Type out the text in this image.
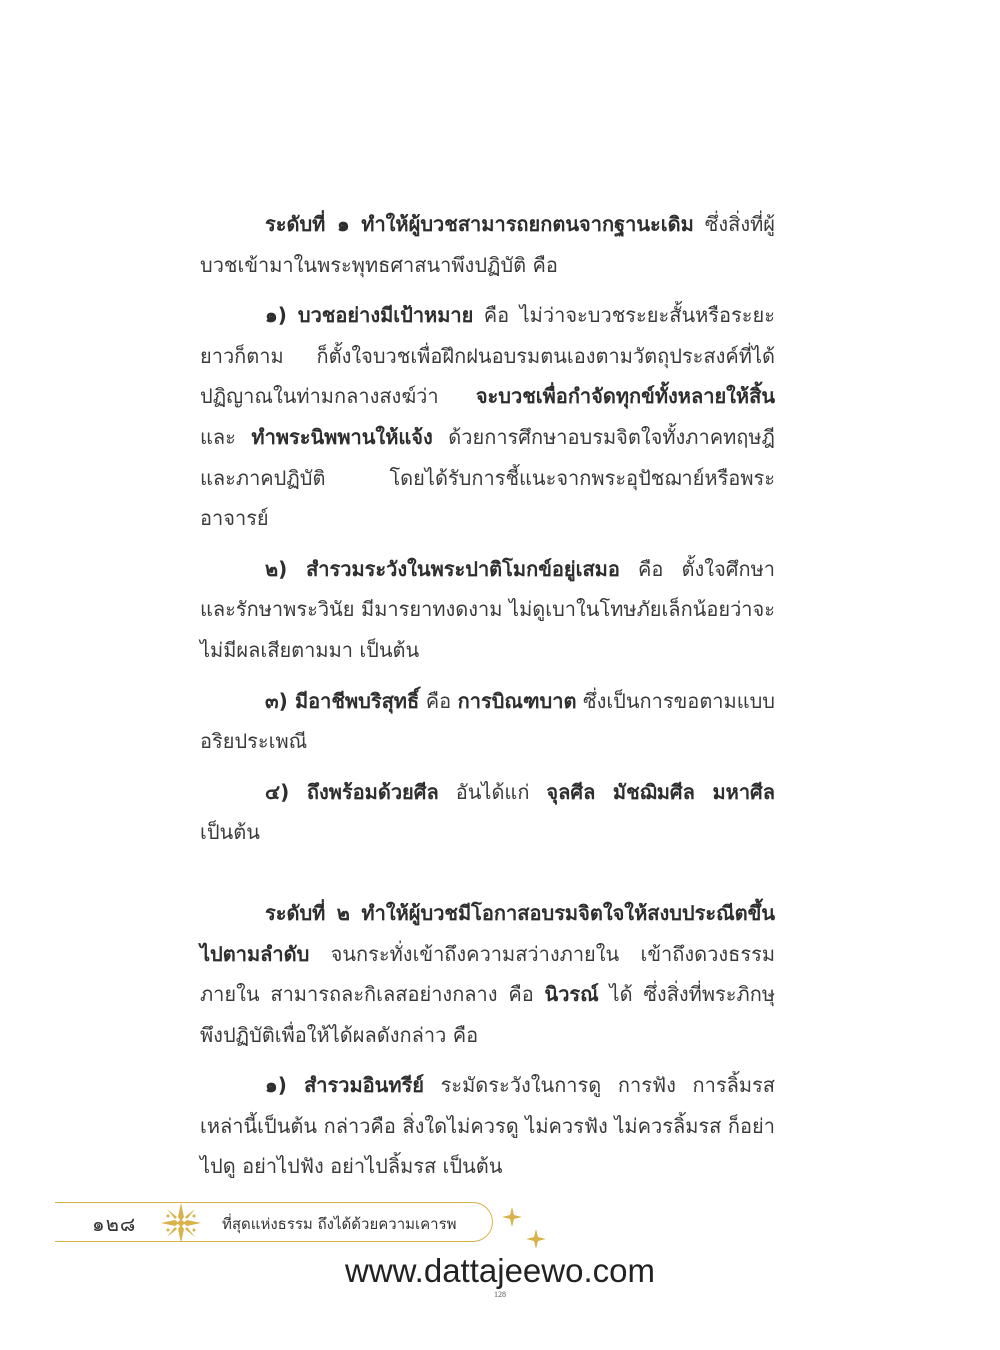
ระดับที่ ๑ ทำให้ผู้บวชสามารถยกตนจากฐานะเดิม ซึ่งสิ่งที่ผู้บวชเข้ามาในพระพุทธศาสนาพึงปฏิบัติ คือ

๑) บวชอย่างมีเป้าหมาย คือ ไม่ว่าจะบวชระยะสั้นหรือระยะยาวก็ตาม ก็ตั้งใจบวชเพื่อฝึกฝนอบรมตนเองตามวัตถุประสงค์ที่ได้ปฏิญาณในท่ามกลางสงฆ์ว่า จะบวชเพื่อกำจัดทุกข์ทั้งหลายให้สิ้น และ ทำพระนิพพานให้แจ้ง ด้วยการศึกษาอบรมจิตใจทั้งภาคทฤษฎีและภาคปฏิบัติ โดยได้รับการชี้แนะจากพระอุปัชฌาย์หรือพระอาจารย์

๒) สำรวมระวังในพระปาติโมกข์อยู่เสมอ คือ ตั้งใจศึกษาและรักษาพระวินัย มีมารยาทงดงาม ไม่ดูเบาในโทษภัยเล็กน้อยว่าจะไม่มีผลเสียตามมา เป็นต้น

๓) มีอาชีพบริสุทธิ์ คือ การบิณฑบาต ซึ่งเป็นการขอตามแบบอริยประเพณี

๔) ถึงพร้อมด้วยศีล อันได้แก่ จุลศีล มัชฌิมศีล มหาศีล เป็นต้น

ระดับที่ ๒ ทำให้ผู้บวชมีโอกาสอบรมจิตใจให้สงบประณีตขึ้นไปตามลำดับ จนกระทั่งเข้าถึงความสว่างภายใน เข้าถึงดวงธรรมภายใน สามารถละกิเลสอย่างกลาง คือ นิวรณ์ ได้ ซึ่งสิ่งที่พระภิกษุพึงปฏิบัติเพื่อให้ได้ผลดังกล่าว คือ

๑) สำรวมอินทรีย์ ระมัดระวังในการดู การฟัง การลิ้มรส เหล่านี้เป็นต้น กล่าวคือ สิ่งใดไม่ควรดู ไม่ควรฟัง ไม่ควรลิ้มรส ก็อย่าไปดู อย่าไปฟัง อย่าไปลิ้มรส เป็นต้น

๑๒๘	ที่สุดแห่งธรรม ถึงได้ด้วยความเคารพ
www.dattajeewo.com
128
